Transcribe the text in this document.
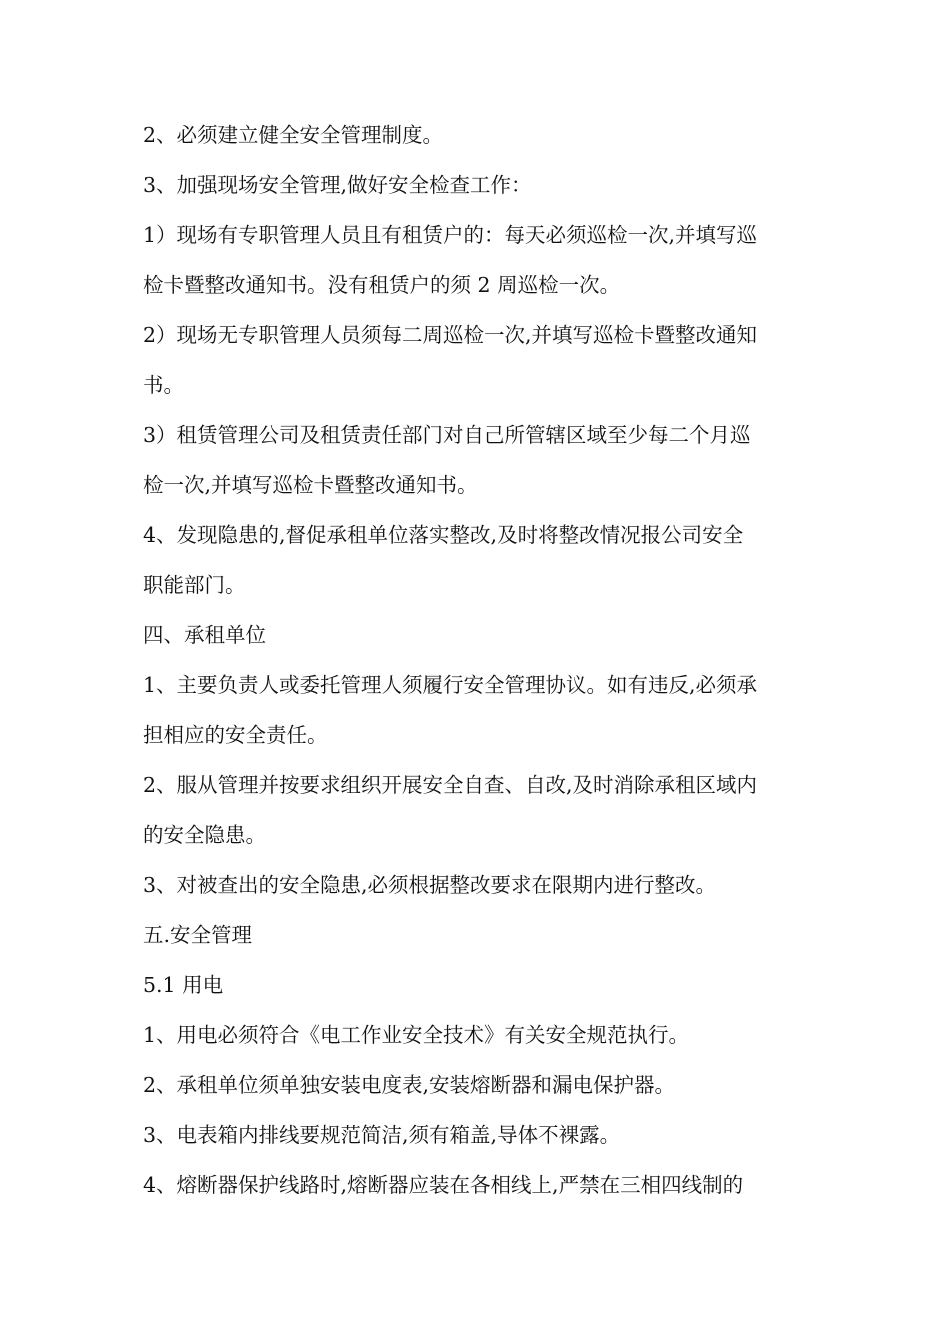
2、必须建立健全安全管理制度。
3、加强现场安全管理,做好安全检查工作：
1）现场有专职管理人员且有租赁户的：每天必须巡检一次,并填写巡
检卡暨整改通知书。没有租赁户的须 2 周巡检一次。
2）现场无专职管理人员须每二周巡检一次,并填写巡检卡暨整改通知
书。
3）租赁管理公司及租赁责任部门对自己所管辖区域至少每二个月巡
检一次,并填写巡检卡暨整改通知书。
4、发现隐患的,督促承租单位落实整改,及时将整改情况报公司安全
职能部门。
四、承租单位
1、主要负责人或委托管理人须履行安全管理协议。如有违反,必须承
担相应的安全责任。
2、服从管理并按要求组织开展安全自查、自改,及时消除承租区域内
的安全隐患。
3、对被查出的安全隐患,必须根据整改要求在限期内进行整改。
五.安全管理
5.1 用电
1、用电必须符合《电工作业安全技术》有关安全规范执行。
2、承租单位须单独安装电度表,安装熔断器和漏电保护器。
3、电表箱内排线要规范简洁,须有箱盖,导体不裸露。
4、熔断器保护线路时,熔断器应装在各相线上,严禁在三相四线制的
